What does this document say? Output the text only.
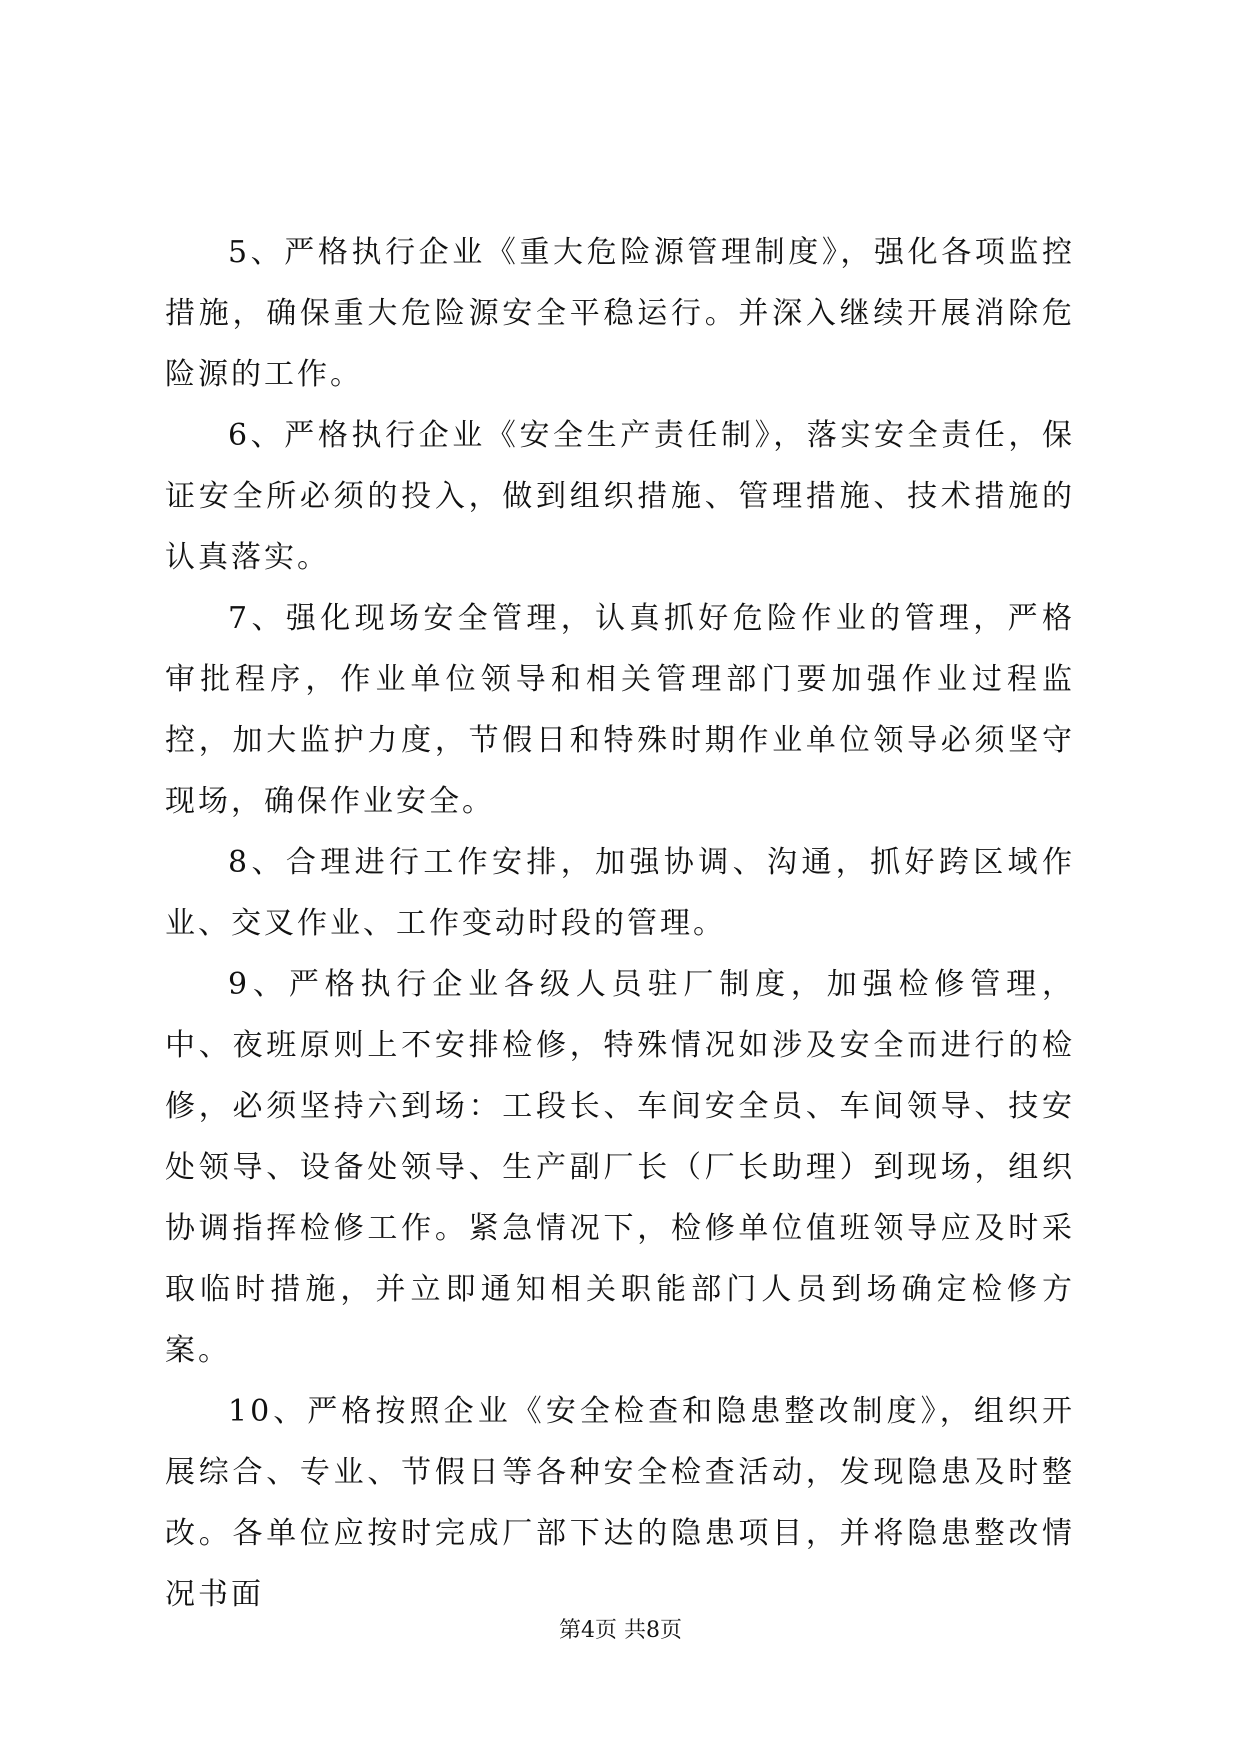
5、严格执行企业《重大危险源管理制度》，强化各项监控措施，确保重大危险源安全平稳运行。并深入继续开展消除危险源的工作。

6、严格执行企业《安全生产责任制》，落实安全责任，保证安全所必须的投入，做到组织措施、管理措施、技术措施的认真落实。

7、强化现场安全管理，认真抓好危险作业的管理，严格审批程序，作业单位领导和相关管理部门要加强作业过程监控，加大监护力度，节假日和特殊时期作业单位领导必须坚守现场，确保作业安全。

8、合理进行工作安排，加强协调、沟通，抓好跨区域作业、交叉作业、工作变动时段的管理。

9、严格执行企业各级人员驻厂制度，加强检修管理，中、夜班原则上不安排检修，特殊情况如涉及安全而进行的检修，必须坚持六到场：工段长、车间安全员、车间领导、技安处领导、设备处领导、生产副厂长（厂长助理）到现场，组织协调指挥检修工作。紧急情况下，检修单位值班领导应及时采取临时措施，并立即通知相关职能部门人员到场确定检修方案。

10、严格按照企业《安全检查和隐患整改制度》，组织开展综合、专业、节假日等各种安全检查活动，发现隐患及时整改。各单位应按时完成厂部下达的隐患项目，并将隐患整改情况书面

第4页 共8页
